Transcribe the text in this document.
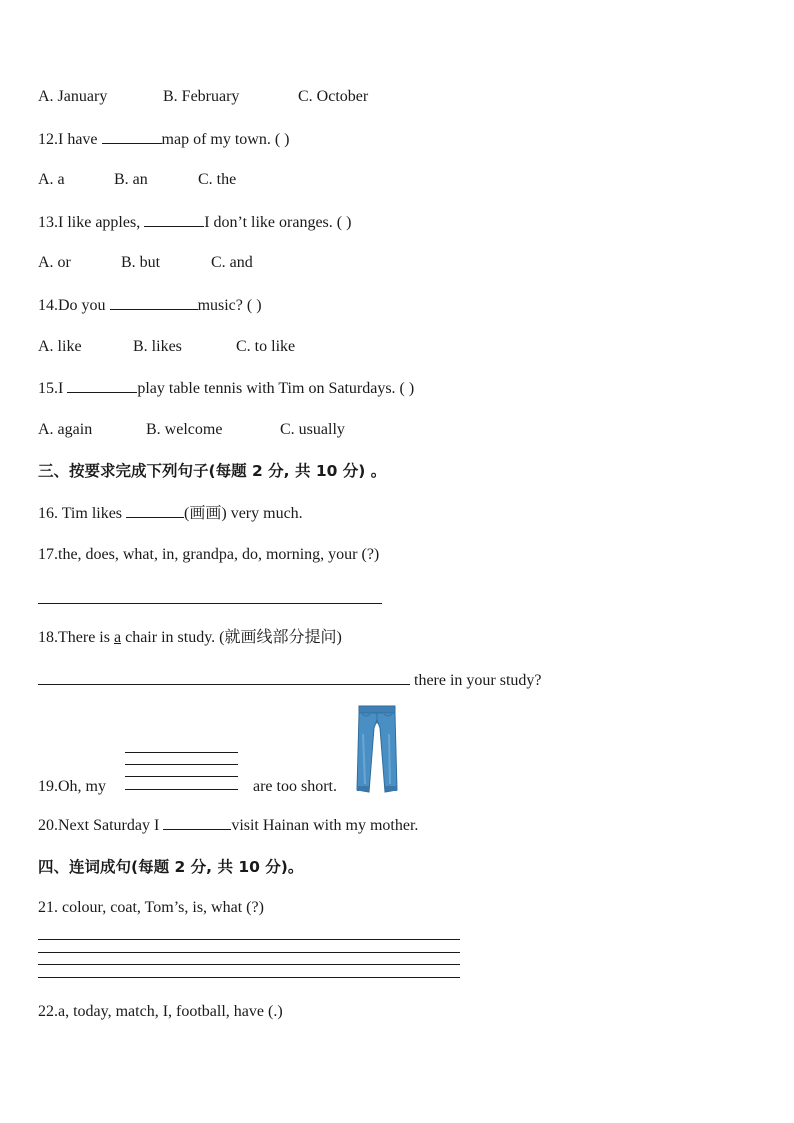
A. January	B. February	C. October
12.I have	map of my town. ( )
A. a	B. an	C. the
13.I like apples,	I don’t like oranges. ( )
A. or	B. but	C. and
14.Do you	music? ( )
A. like	B. likes	C. to like
15.I	play table tennis with Tim on Saturdays. ( )
A. again	B. welcome	C. usually
三、按要求完成下列句子(每题 2 分, 共 10 分) 。
16. Tim likes	(画画) very much.
17.the, does, what, in, grandpa, do, morning, your (?)
18.There is a chair in study. (就画线部分提问)
there in your study?
19.Oh, my	are too short.
20.Next Saturday I	visit Hainan with my mother.
四、连词成句(每题 2 分, 共 10 分)。
21. colour, coat, Tom’s, is, what (?)
22.a, today, match, I, football, have (.)
